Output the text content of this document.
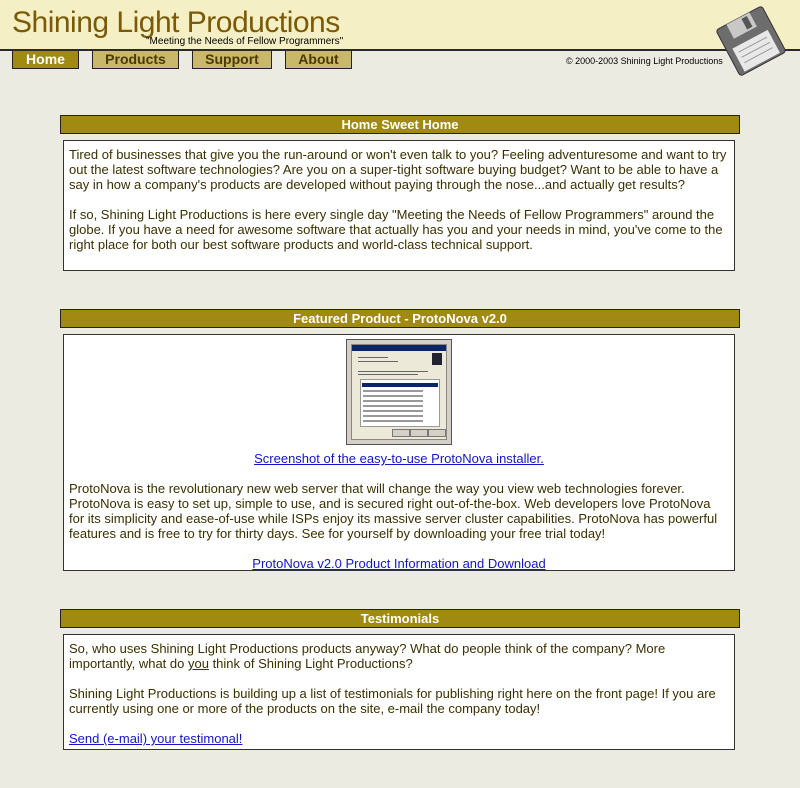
Shining Light Productions
"Meeting the Needs of Fellow Programmers"
Home	Products	Support	About	© 2000-2003 Shining Light Productions
Home Sweet Home

Tired of businesses that give you the run-around or won't even talk to you? Feeling adventuresome and want to try out the latest software technologies? Are you on a super-tight software buying budget? Want to be able to have a say in how a company's products are developed without paying through the nose...and actually get results?

If so, Shining Light Productions is here every single day "Meeting the Needs of Fellow Programmers" around the globe. If you have a need for awesome software that actually has you and your needs in mind, you've come to the right place for both our best software products and world-class technical support.

Featured Product - ProtoNova v2.0
Screenshot of the easy-to-use ProtoNova installer.

ProtoNova is the revolutionary new web server that will change the way you view web technologies forever. ProtoNova is easy to set up, simple to use, and is secured right out-of-the-box. Web developers love ProtoNova for its simplicity and ease-of-use while ISPs enjoy its massive server cluster capabilities. ProtoNova has powerful features and is free to try for thirty days. See for yourself by downloading your free trial today!

ProtoNova v2.0 Product Information and Download
Testimonials

So, who uses Shining Light Productions products anyway? What do people think of the company? More importantly, what do you think of Shining Light Productions?

Shining Light Productions is building up a list of testimonials for publishing right here on the front page! If you are currently using one or more of the products on the site, e-mail the company today!

Send (e-mail) your testimonal!
